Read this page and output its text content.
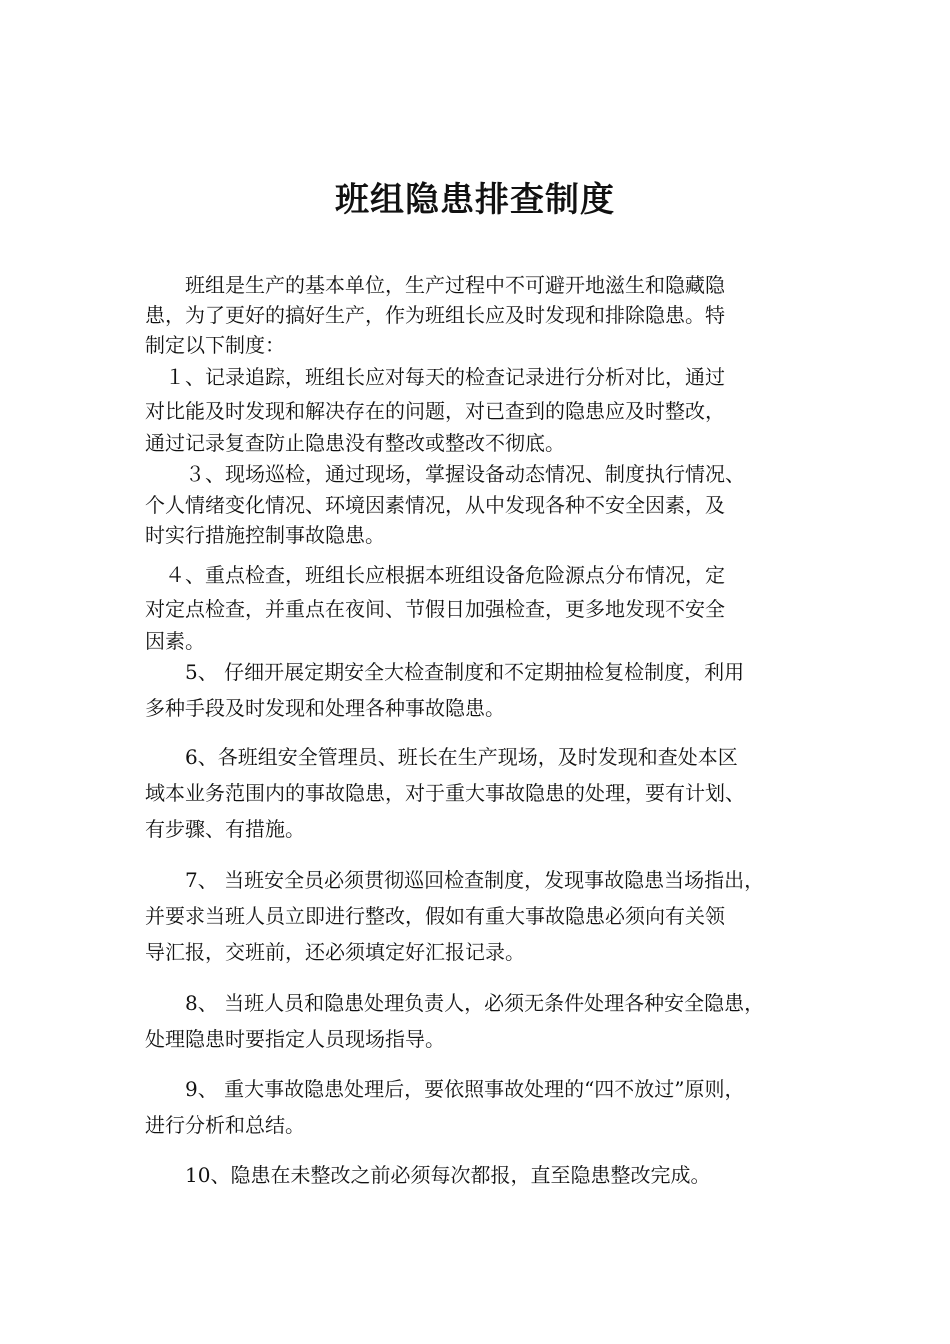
班组隐患排查制度

　　班组是生产的基本单位，生产过程中不可避开地滋生和隐藏隐
患，为了更好的搞好生产，作为班组长应及时发现和排除隐患。特
制定以下制度：

　１、记录追踪，班组长应对每天的检查记录进行分析对比，通过
对比能及时发现和解决存在的问题，对已查到的隐患应及时整改，
通过记录复查防止隐患没有整改或整改不彻底。

　　３、现场巡检，通过现场，掌握设备动态情况、制度执行情况、
个人情绪变化情况、环境因素情况，从中发现各种不安全因素，及
时实行措施控制事故隐患。

　４、重点检查，班组长应根据本班组设备危险源点分布情况，定
对定点检查，并重点在夜间、节假日加强检查，更多地发现不安全
因素。

　　5、 仔细开展定期安全大检查制度和不定期抽检复检制度，利用
多种手段及时发现和处理各种事故隐患。

　　6、各班组安全管理员、班长在生产现场，及时发现和查处本区
域本业务范围内的事故隐患，对于重大事故隐患的处理，要有计划、
有步骤、有措施。

　　7、 当班安全员必须贯彻巡回检查制度，发现事故隐患当场指出，
并要求当班人员立即进行整改，假如有重大事故隐患必须向有关领
导汇报，交班前，还必须填定好汇报记录。

　　8、 当班人员和隐患处理负责人，必须无条件处理各种安全隐患，
处理隐患时要指定人员现场指导。

　　9、 重大事故隐患处理后，要依照事故处理的“四不放过”原则，
进行分析和总结。

　　10、隐患在未整改之前必须每次都报，直至隐患整改完成。
